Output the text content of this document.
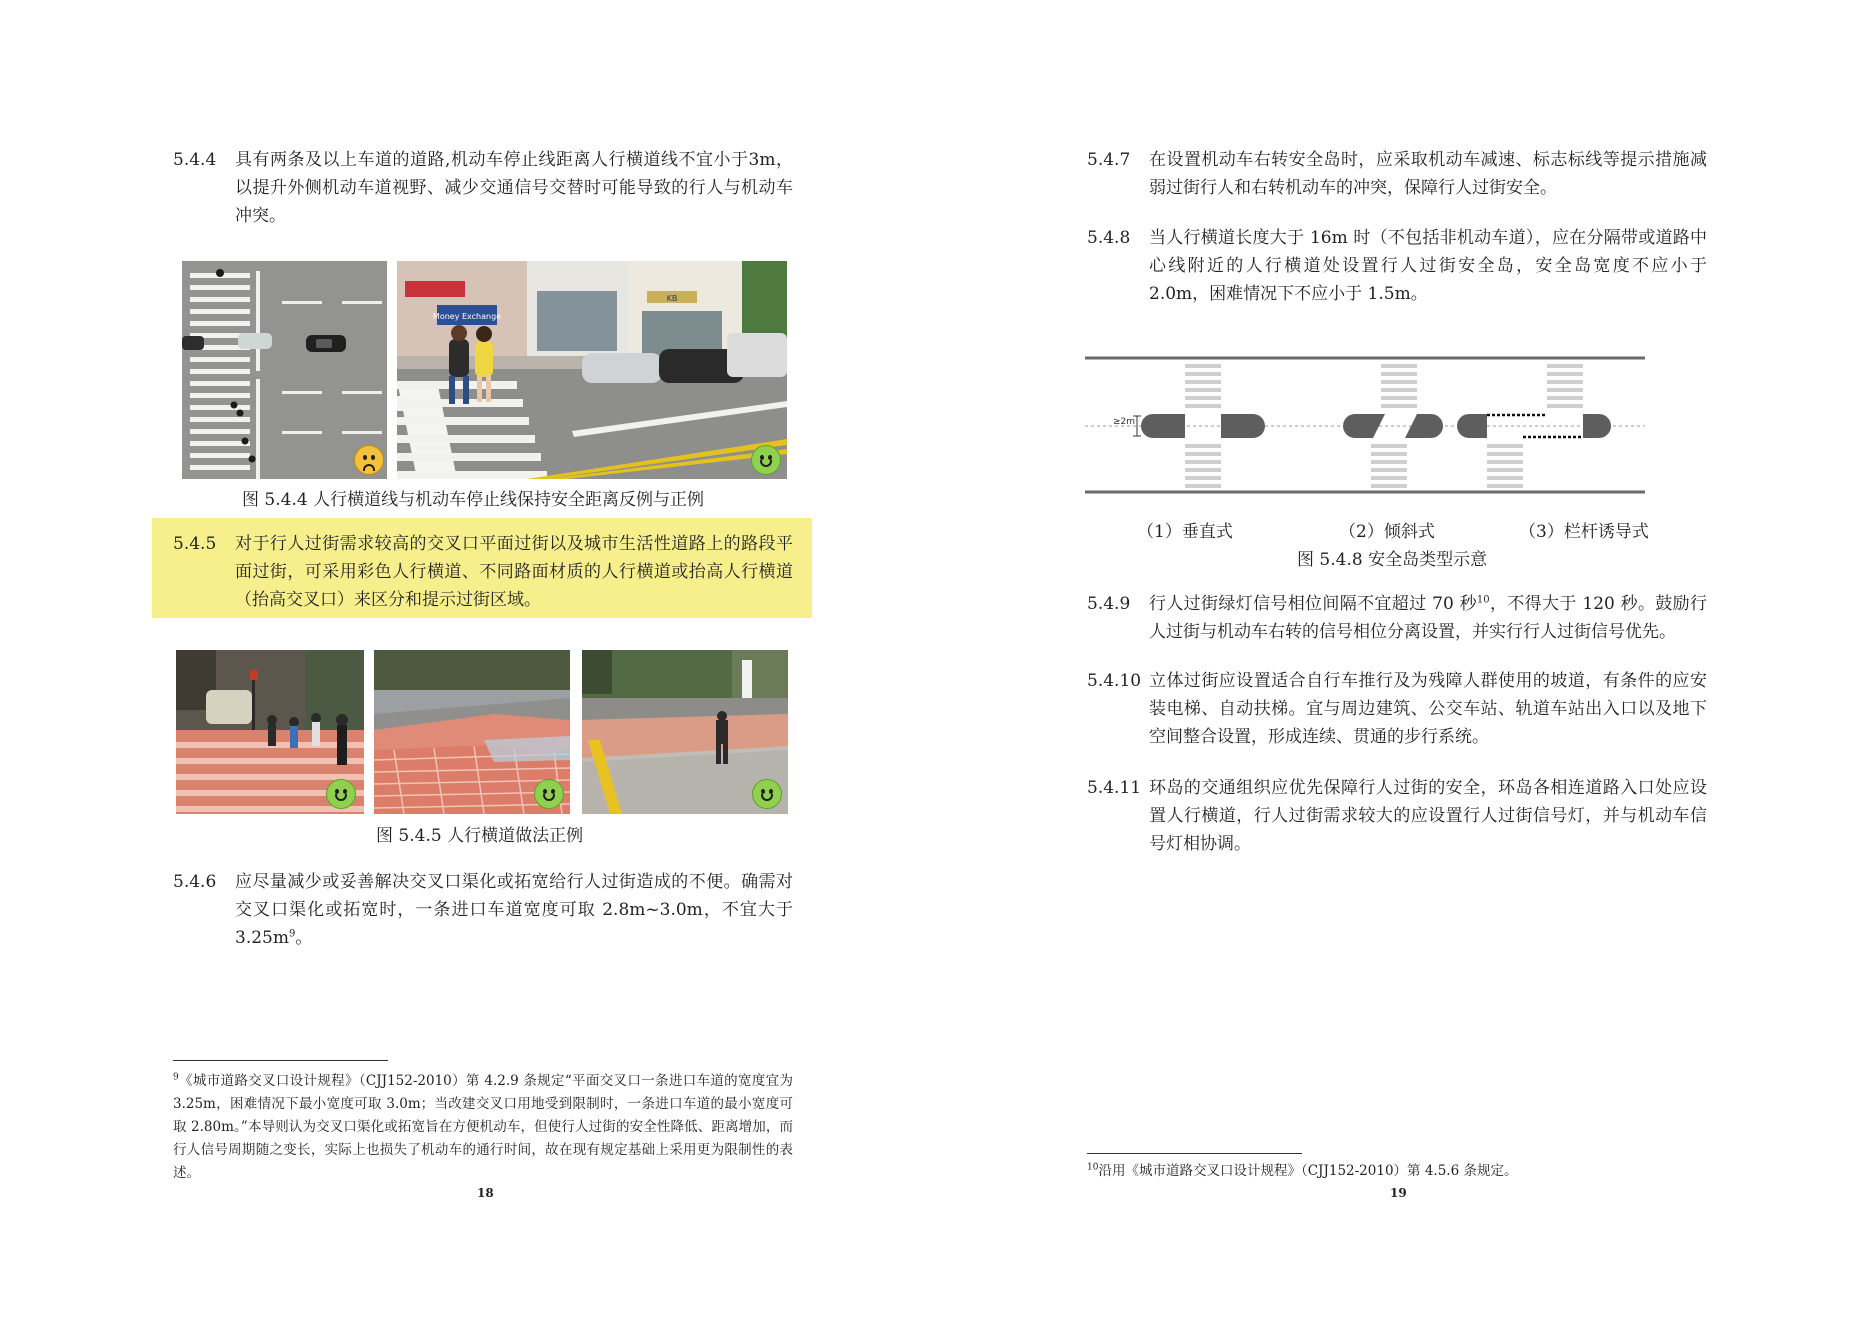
5.4.4 具有两条及以上车道的道路,机动车停止线距离人行横道线不宜小于3m，以提升外侧机动车道视野、减少交通信号交替时可能导致的行人与机动车冲突。
Money Exchange
KB
图 5.4.4 人行横道线与机动车停止线保持安全距离反例与正例
5.4.5 对于行人过街需求较高的交叉口平面过街以及城市生活性道路上的路段平面过街，可采用彩色人行横道、不同路面材质的人行横道或抬高人行横道（抬高交叉口）来区分和提示过街区域。
图 5.4.5 人行横道做法正例
5.4.6 应尽量减少或妥善解决交叉口渠化或拓宽给行人过街造成的不便。确需对交叉口渠化或拓宽时，一条进口车道宽度可取 2.8m~3.0m，不宜大于 $3.25m^9$。
$^9$《城市道路交叉口设计规程》（CJJ152-2010）第 4.2.9 条规定“平面交叉口一条进口车道的宽度宜为 3.25m，困难情况下最小宽度可取 3.0m；当改建交叉口用地受到限制时，一条进口车道的最小宽度可取 2.80m。”本导则认为交叉口渠化或拓宽旨在方便机动车，但使行人过街的安全性降低、距离增加，而行人信号周期随之变长，实际上也损失了机动车的通行时间，故在现有规定基础上采用更为限制性的表述。
18
5.4.7 在设置机动车右转安全岛时，应采取机动车减速、标志标线等提示措施减弱过街行人和右转机动车的冲突，保障行人过街安全。
5.4.8 当人行横道长度大于 16m 时（不包括非机动车道），应在分隔带或道路中心线附近的人行横道处设置行人过街安全岛，安全岛宽度不应小于 2.0m，困难情况下不应小于 1.5m。
≥2m
（1）垂直式	（2）倾斜式	（3）栏杆诱导式
图 5.4.8 安全岛类型示意
5.4.9 行人过街绿灯信号相位间隔不宜超过 70 秒$^{10}$，不得大于 120 秒。鼓励行人过街与机动车右转的信号相位分离设置，并实行行人过街信号优先。
5.4.10 立体过街应设置适合自行车推行及为残障人群使用的坡道，有条件的应安装电梯、自动扶梯。宜与周边建筑、公交车站、轨道车站出入口以及地下空间整合设置，形成连续、贯通的步行系统。
5.4.11 环岛的交通组织应优先保障行人过街的安全，环岛各相连道路入口处应设置人行横道，行人过街需求较大的应设置行人过街信号灯，并与机动车信号灯相协调。
$^{10}$沿用《城市道路交叉口设计规程》（CJJ152-2010）第 4.5.6 条规定。
19
